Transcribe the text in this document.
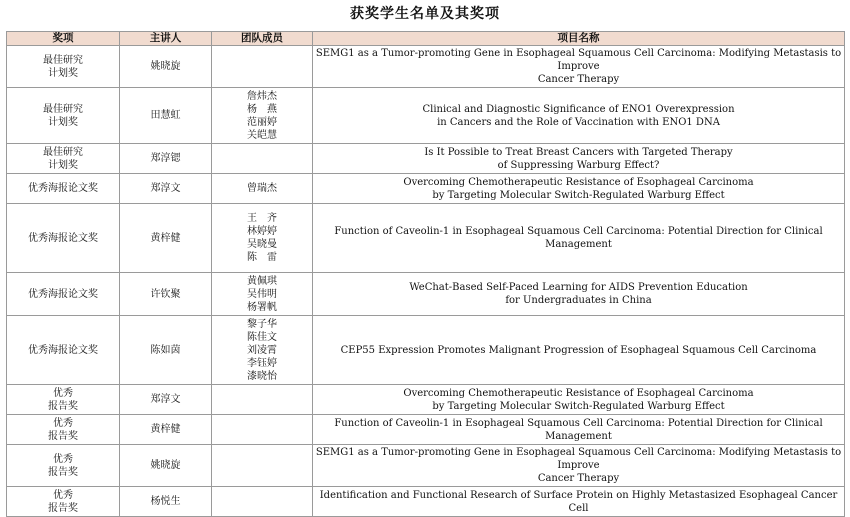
获奖学生名单及其奖项
奖项	主讲人	团队成员	项目名称
最佳研究
计划奖	姚晓旋		SEMG1 as a Tumor-promoting Gene in Esophageal Squamous Cell Carcinoma: Modifying Metastasis to Improve
Cancer Therapy
最佳研究
计划奖	田慧虹	詹炜杰
杨　燕
范丽婷
关皑慧	Clinical and Diagnostic Significance of ENO1 Overexpression
in Cancers and the Role of Vaccination with ENO1 DNA
最佳研究
计划奖	郑淳锶		Is It Possible to Treat Breast Cancers with Targeted Therapy
of Suppressing Warburg Effect?
优秀海报论文奖	郑淳文	曾瑞杰	Overcoming Chemotherapeutic Resistance of Esophageal Carcinoma
by Targeting Molecular Switch-Regulated Warburg Effect
优秀海报论文奖	黄梓健	王　齐
林婷婷
吴晓曼
陈　雷	Function of Caveolin-1 in Esophageal Squamous Cell Carcinoma: Potential Direction for Clinical Management
优秀海报论文奖	许钦聚	黄佩琪
吴伟明
杨署帆	WeChat-Based Self-Paced Learning for AIDS Prevention Education
for Undergraduates in China
优秀海报论文奖	陈如茵	黎子华
陈佳文
刘凌霄
李钰婷
漆晓怡	CEP55 Expression Promotes Malignant Progression of Esophageal Squamous Cell Carcinoma
优秀
报告奖	郑淳文		Overcoming Chemotherapeutic Resistance of Esophageal Carcinoma
by Targeting Molecular Switch-Regulated Warburg Effect
优秀
报告奖	黄梓健		Function of Caveolin-1 in Esophageal Squamous Cell Carcinoma: Potential Direction for Clinical Management
优秀
报告奖	姚晓旋		SEMG1 as a Tumor-promoting Gene in Esophageal Squamous Cell Carcinoma: Modifying Metastasis to Improve
Cancer Therapy
优秀
报告奖	杨悦生		Identification and Functional Research of Surface Protein on Highly Metastasized Esophageal Cancer Cell
